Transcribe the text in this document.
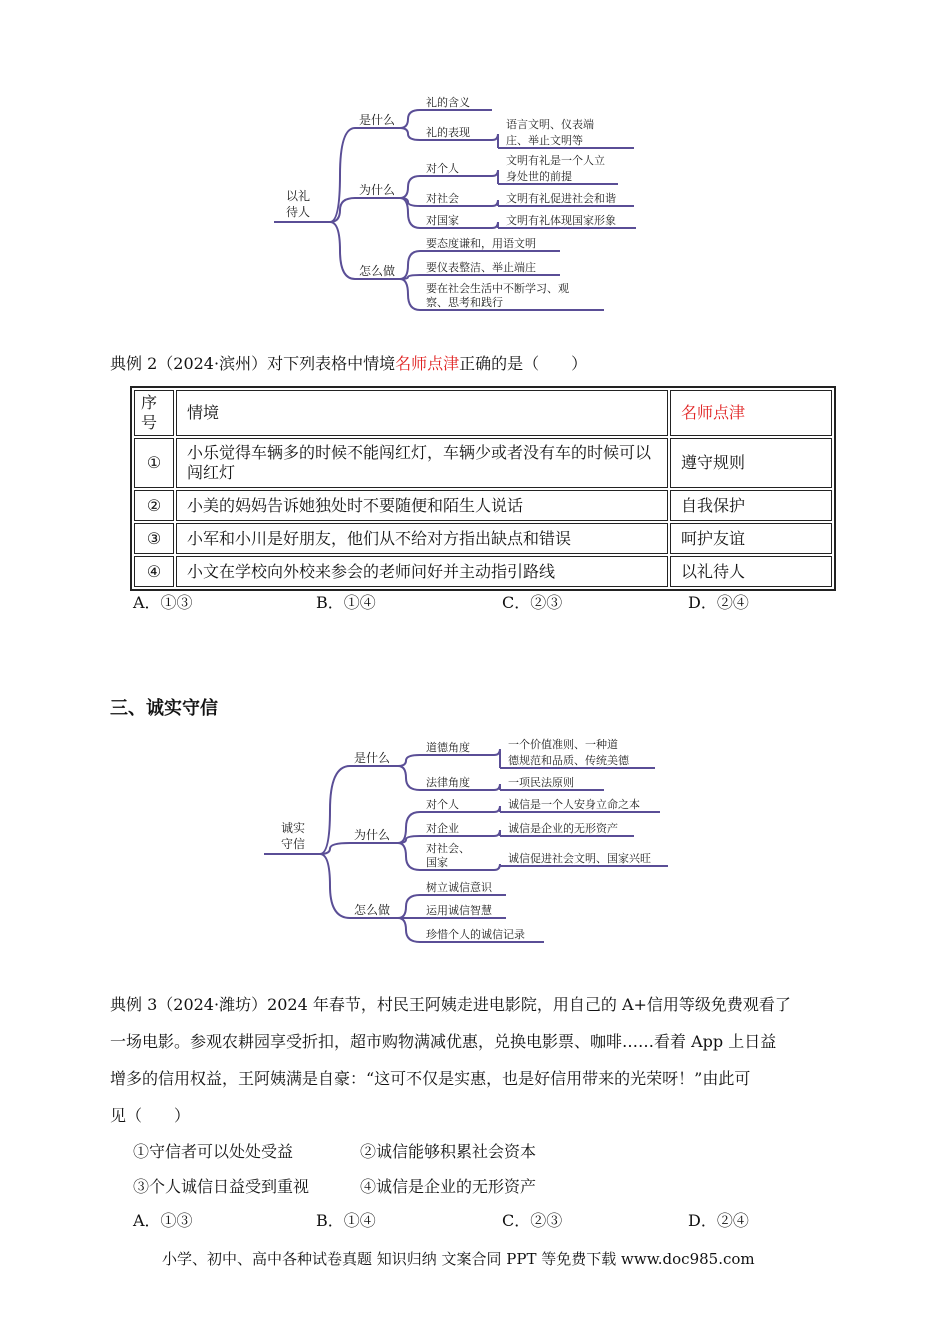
以礼
待人
是什么
礼的含义
礼的表现
语言文明、仪表端
庄、举止文明等
为什么
对个人
文明有礼是一个人立
身处世的前提
对社会	文明有礼促进社会和谐
对国家	文明有礼体现国家形象
怎么做
要态度谦和，用语文明
要仪表整洁、举止端庄
要在社会生活中不断学习、观
察、思考和践行
典例 2（2024·滨州）对下列表格中情境名师点津正确的是（　　）
序号	情境	名师点津
①	小乐觉得车辆多的时候不能闯红灯，车辆少或者没有车的时候可以闯红灯	遵守规则
②	小美的妈妈告诉她独处时不要随便和陌生人说话	自我保护
③	小军和小川是好朋友，他们从不给对方指出缺点和错误	呵护友谊
④	小文在学校向外校来参会的老师问好并主动指引路线	以礼待人
A．①③	B．①④	C．②③	D．②④
三、诚实守信
诚实
守信
是什么
道德角度	一个价值准则、一种道
德规范和品质、传统美德
法律角度	一项民法原则
为什么
对个人	诚信是一个人安身立命之本
对企业	诚信是企业的无形资产
对社会、
国家	诚信促进社会文明、国家兴旺
怎么做
树立诚信意识
运用诚信智慧
珍惜个人的诚信记录
典例 3（2024·潍坊）2024 年春节，村民王阿姨走进电影院，用自己的 A+信用等级免费观看了
一场电影。参观农耕园享受折扣，超市购物满减优惠，兑换电影票、咖啡……看着 App 上日益
增多的信用权益，王阿姨满是自豪：“这可不仅是实惠，也是好信用带来的光荣呀！”由此可
见（　　）
①守信者可以处处受益	②诚信能够积累社会资本
③个人诚信日益受到重视	④诚信是企业的无形资产
A．①③	B．①④	C．②③	D．②④
小学、初中、高中各种试卷真题 知识归纳 文案合同 PPT 等免费下载 www.doc985.com
